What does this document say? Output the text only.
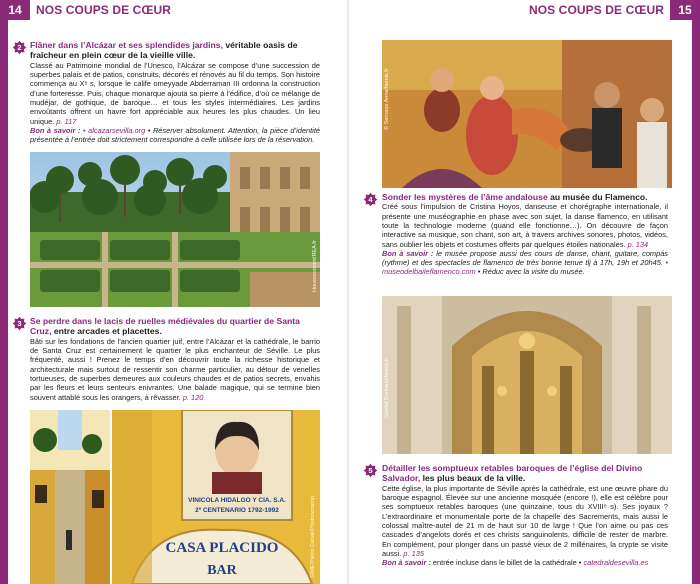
14	NOS COUPS DE CŒUR
2 Flâner dans l’Alcázar et ses splendides jardins, véritable oasis de fraîcheur en plein cœur de la vieille ville.
Classé au Patrimoine mondial de l’Unesco, l’Alcázar se compose d’une succession de superbes palais et de patios, construits, décorés et rénovés au fil du temps. Son histoire commença au Xᵉ s, lorsque le calife omeyyade Abderraman III ordonna la construction d’une forteresse. Puis, chaque monarque ajouta sa pierre à l’édifice, d’où ce mélange de mudéjar, de gothique, de baroque… et tous les styles intermédiaires. Les jardins envoûtants offrent un havre fort appréciable aux heures les plus chaudes. Un lieu unique. p. 117
Bon à savoir : • alcazarsevilla.org • Réserver absolument. Attention, la pièce d’identité présentée à l’entrée doit strictement correspondre à celle utilisée lors de la réservation.
Houessomont/REA.fr
3 Se perdre dans le lacis de ruelles médiévales du quartier de Santa Cruz, entre arcades et placettes.
Bâti sur les fondations de l’ancien quartier juif, entre l’Alcázar et la cathédrale, le barrio de Santa Cruz est certainement le quartier le plus enchanteur de Séville. Le plus fréquenté, aussi ! Prenez le temps d’en découvrir toute la richesse historique et architecturale mais surtout de ressentir son charme particulier, au détour de venelles tortueuses, de superbes demeures aux couleurs chaudes et de patios secrets, envahis par les fleurs et leurs senteurs enivrantes. Une balade magique, qui se termine bien souvent attablé sous les orangers, à rêvasser. p. 120
VINICOLA HIDALGO Y CIA. S.A.
2º CENTENARIO 1792-1992
CASA PLACIDO
BAR	SIME/Pietro Canali/Photononstop
15
NOS COUPS DE CŒUR
© Sernaqe Anna/hemis.fr
4 Sonder les mystères de l’âme andalouse au musée du Flamenco.
Créé sous l’impulsion de Cristina Hoyos, danseuse et chorégraphe internationale, il présente une muséographie en phase avec son sujet, la danse flamenco, en utilisant toute la technologie moderne (quand elle fonctionne…). On découvre de façon interactive sa musique, son chant, son art, à travers archives sonores, photos, vidéos, sans oublier les objets et costumes offerts par quelques étoiles nationales. p. 134
Bon à savoir : le musée propose aussi des cours de danse, chant, guitare, compás (rythme) et des spectacles de flamenco de très bonne tenue tlj à 17h, 19h et 20h45. • museodelbaileflamenco.com • Réduc avec la visite du musée.
Gardel Bertrand/hemis.fr
5 Détailler les somptueux retables baroques de l’église del Divino Salvador, les plus beaux de la ville.
Cette église, la plus importante de Séville après la cathédrale, est une œuvre phare du baroque espagnol. Élevée sur une ancienne mosquée (encore !), elle est célèbre pour ses somptueux retables baroques (une quinzaine, tous du XVIIIᵉ s). Ses joyaux ? L’extraordinaire et monumentale porte de la chapelle des Sacrements, mais aussi le colossal maître-autel de 21 m de haut sur 10 de large ! Que l’on aime ou pas ces cascades d’angelots dorés et ces christs sanguinolents, difficile de rester de marbre. En complément, pour plonger dans un passé vieux de 2 millénaires, la crypte se visite aussi. p. 135
Bon à savoir : entrée incluse dans le billet de la cathédrale • catedraldesevilla.es
